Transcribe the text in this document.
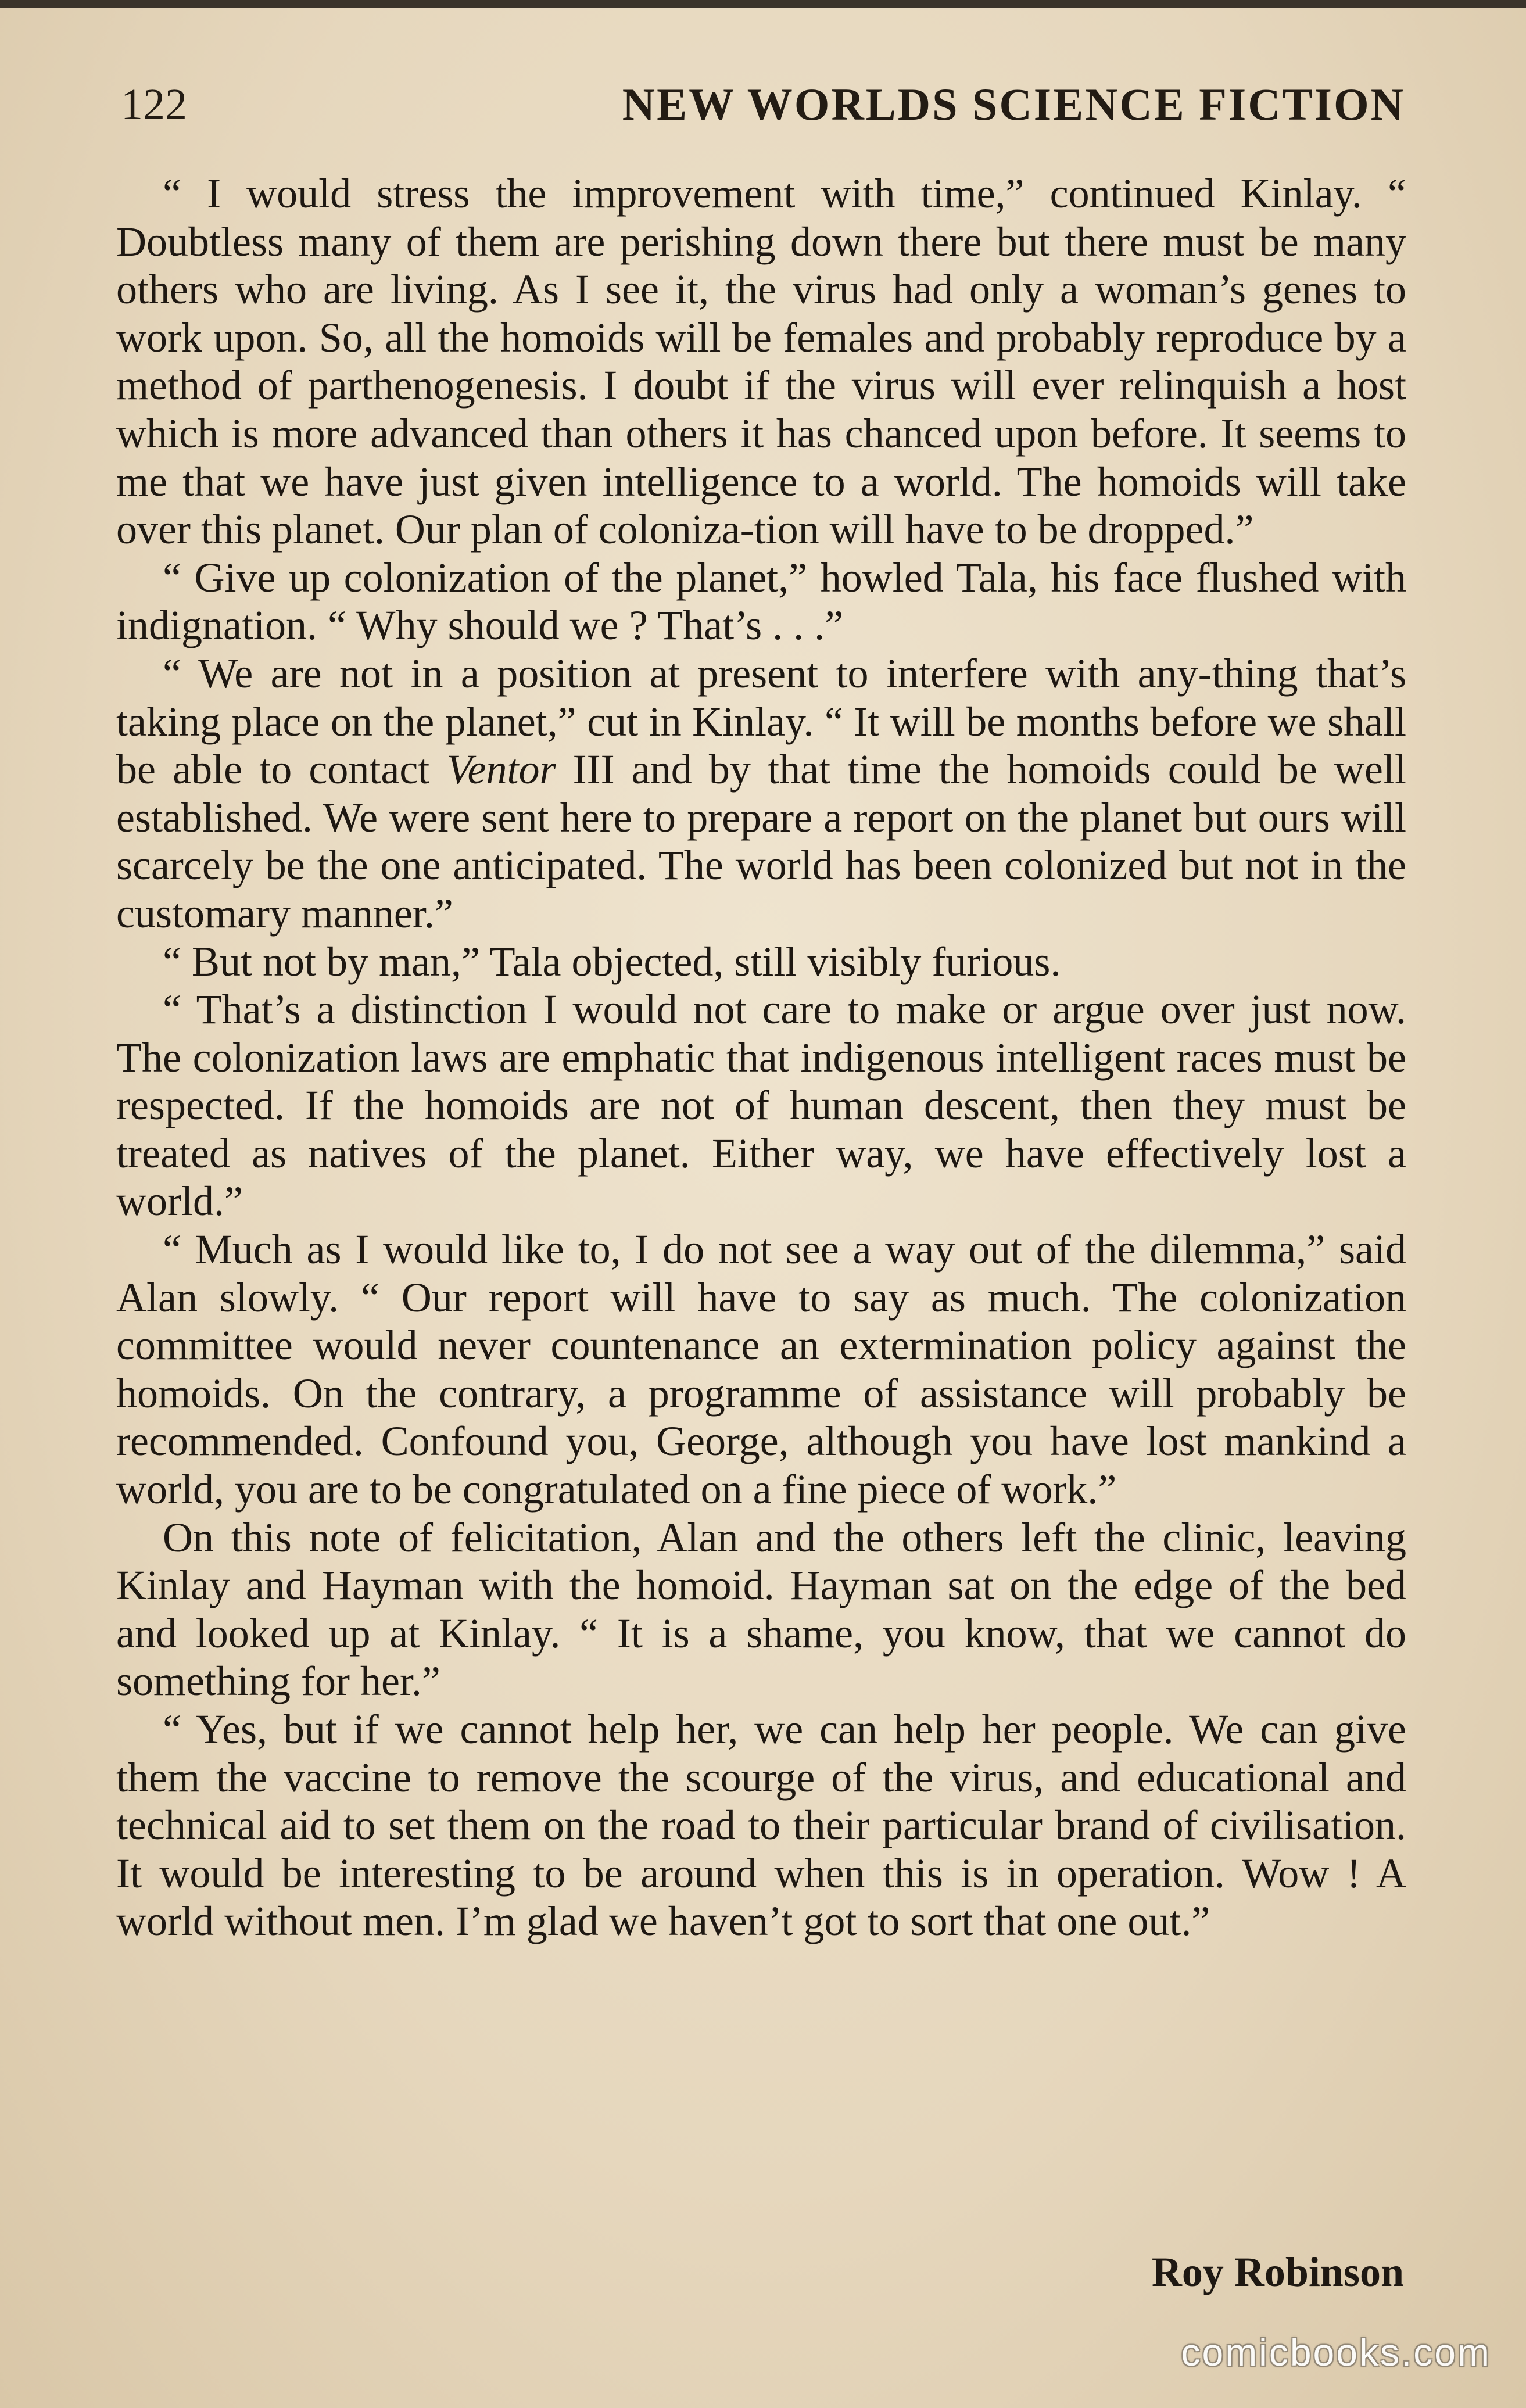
122	NEW WORLDS SCIENCE FICTION

“ I would stress the improvement with time,” continued Kinlay. “ Doubtless many of them are perishing down there but there must be many others who are living. As I see it, the virus had only a woman’s genes to work upon. So, all the homoids will be females and probably reproduce by a method of parthenogenesis. I doubt if the virus will ever relinquish a host which is more advanced than others it has chanced upon before. It seems to me that we have just given intelligence to a world. The homoids will take over this planet. Our plan of coloniza-tion will have to be dropped.”

“ Give up colonization of the planet,” howled Tala, his face flushed with indignation. “ Why should we ? That’s . . .”

“ We are not in a position at present to interfere with any-thing that’s taking place on the planet,” cut in Kinlay. “ It will be months before we shall be able to contact Ventor III and by that time the homoids could be well established. We were sent here to prepare a report on the planet but ours will scarcely be the one anticipated. The world has been colonized but not in the customary manner.”

“ But not by man,” Tala objected, still visibly furious.

“ That’s a distinction I would not care to make or argue over just now. The colonization laws are emphatic that indigenous intelligent races must be respected. If the homoids are not of human descent, then they must be treated as natives of the planet. Either way, we have effectively lost a world.”

“ Much as I would like to, I do not see a way out of the dilemma,” said Alan slowly. “ Our report will have to say as much. The colonization committee would never countenance an extermination policy against the homoids. On the contrary, a programme of assistance will probably be recommended. Confound you, George, although you have lost mankind a world, you are to be congratulated on a fine piece of work.”

On this note of felicitation, Alan and the others left the clinic, leaving Kinlay and Hayman with the homoid. Hayman sat on the edge of the bed and looked up at Kinlay. “ It is a shame, you know, that we cannot do something for her.”

“ Yes, but if we cannot help her, we can help her people. We can give them the vaccine to remove the scourge of the virus, and educational and technical aid to set them on the road to their particular brand of civilisation. It would be interesting to be around when this is in operation. Wow ! A world without men. I’m glad we haven’t got to sort that one out.”

Roy Robinson
comicbooks.com
